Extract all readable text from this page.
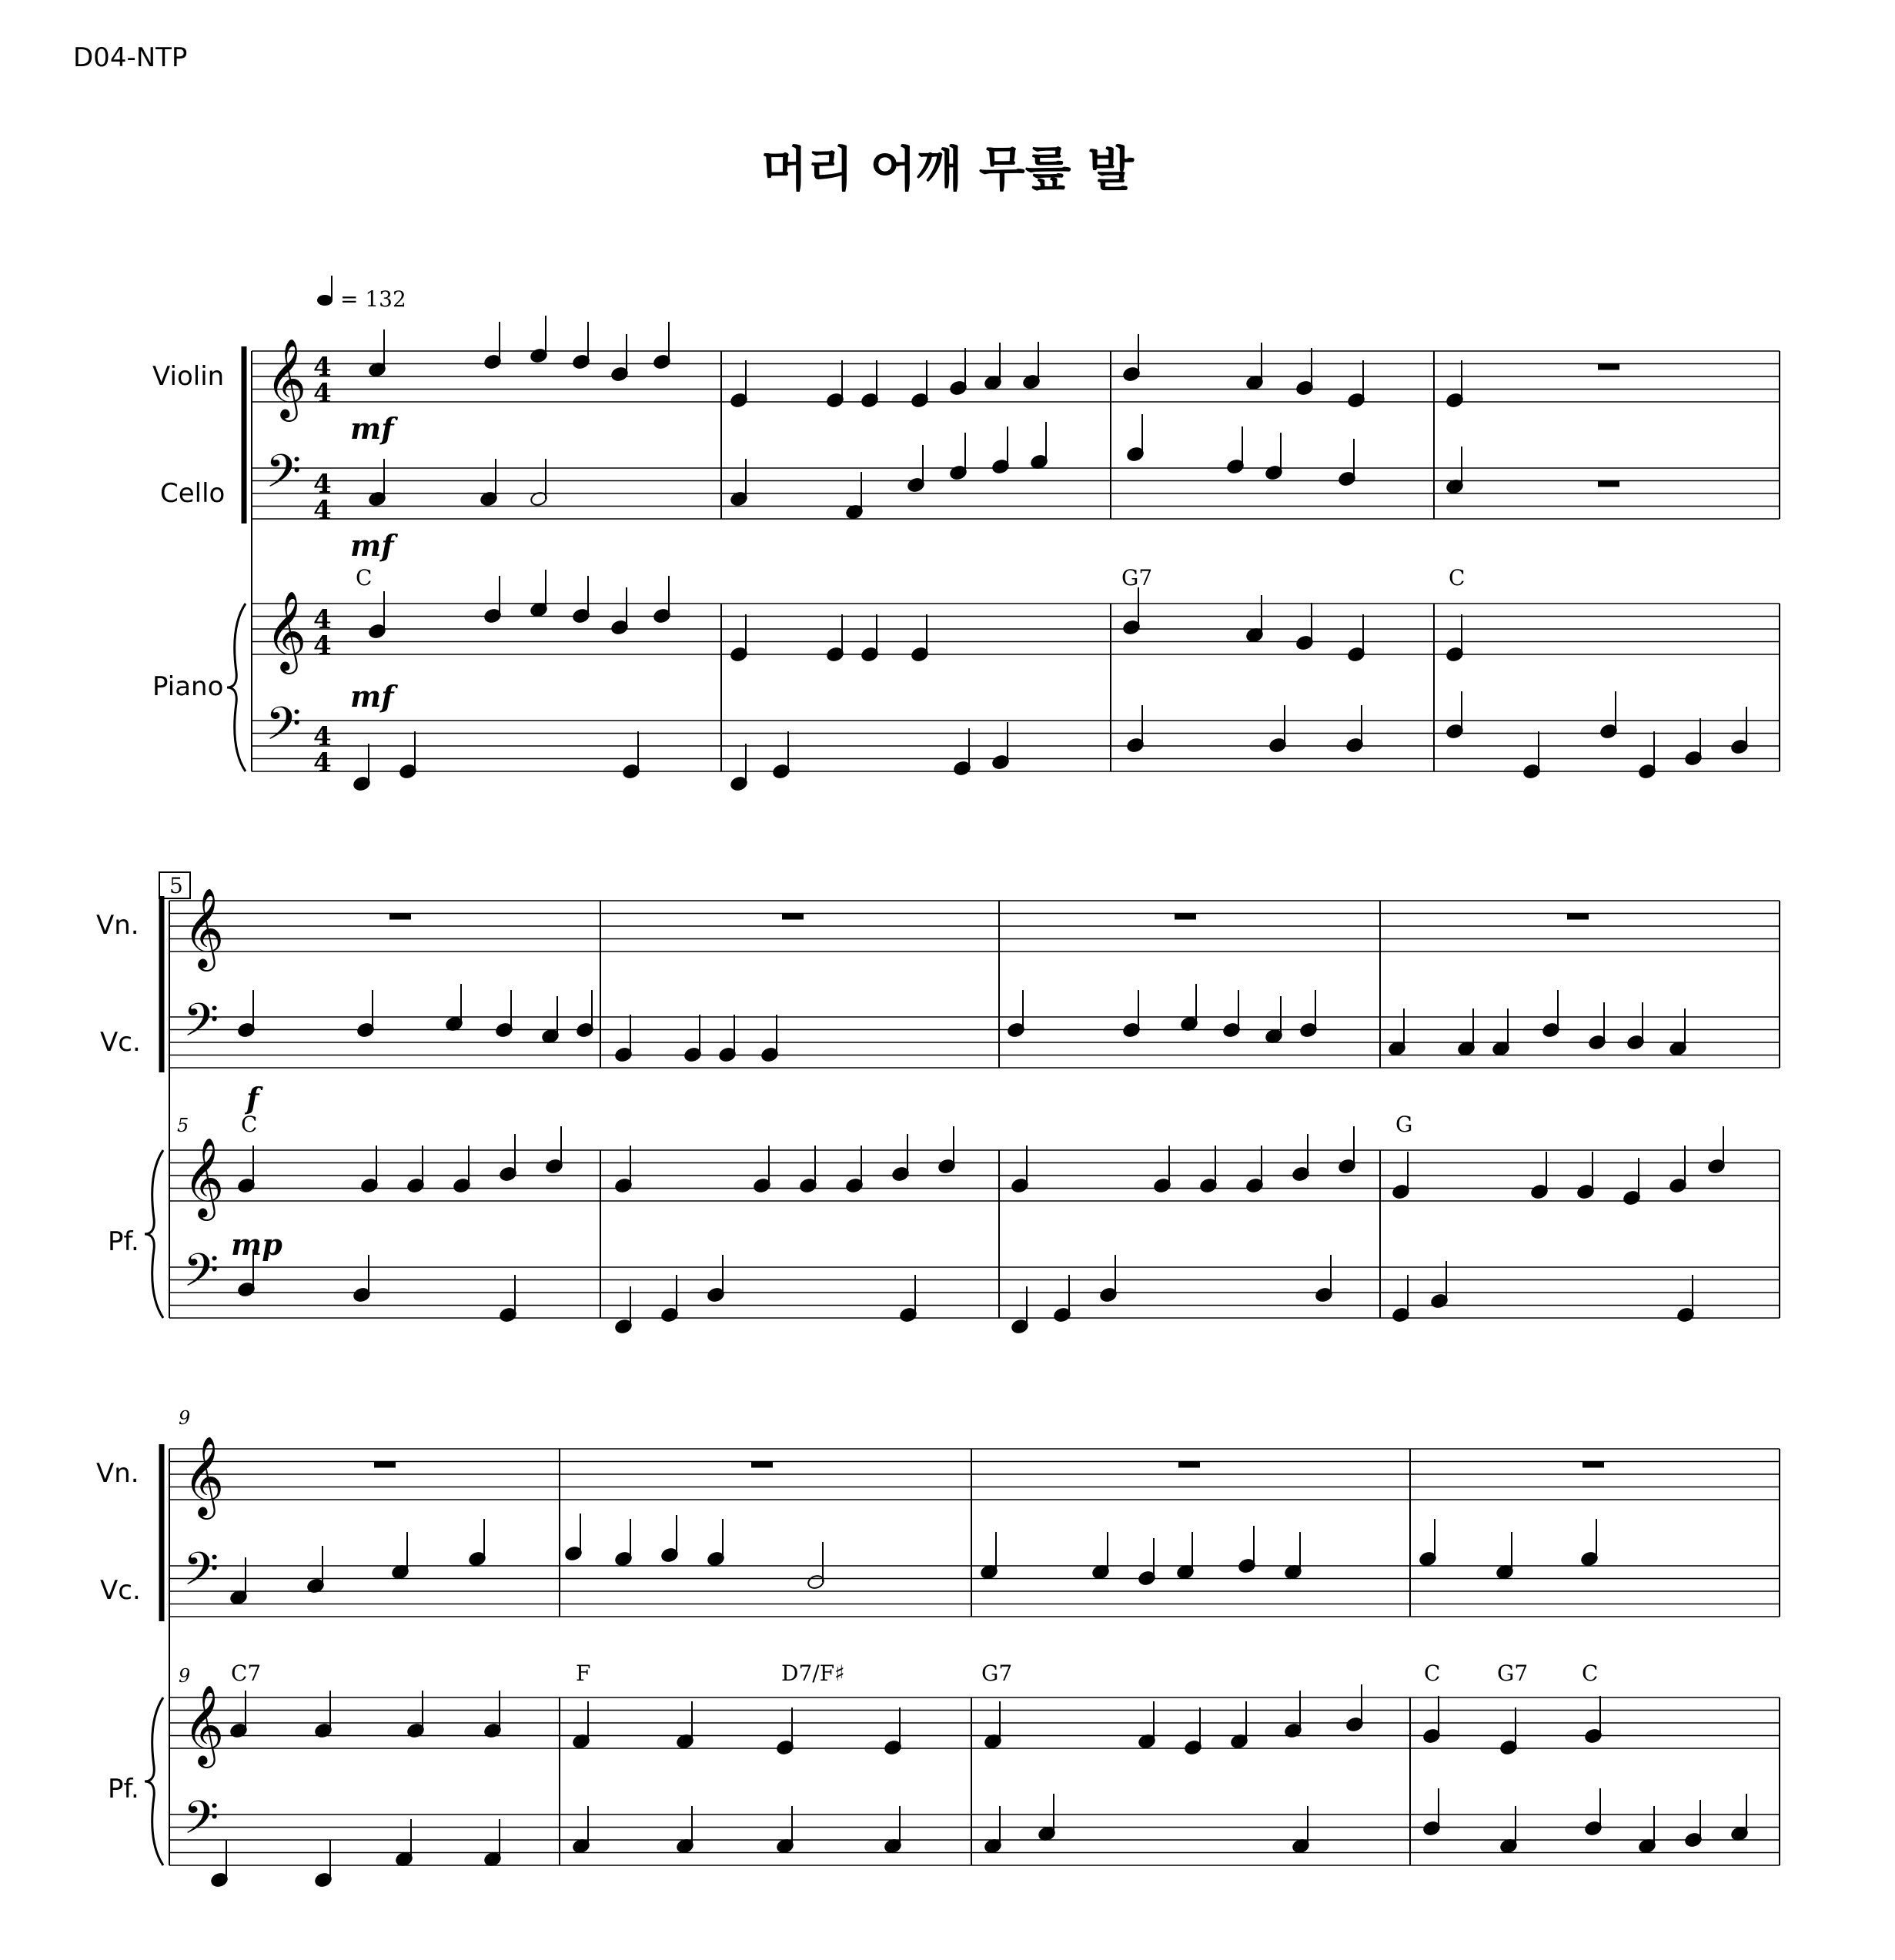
D04-NTP
머리 어깨 무릎 발
= 132
Violin
Cello
Piano
Vn.
Vc.
Pf.
Vn.
Vc.
Pf.
mf
mf
mf
f
mp
5
5
9
9
C	G7	C
C	G
C7	F	D7/F♯	G7	C	G7 C
𝄞 4
4
𝄢 4
4
𝄞 4
4
𝄢 4
4
𝄞
𝄢
𝄞
𝄢
𝄞
𝄢
𝄞
𝄢
